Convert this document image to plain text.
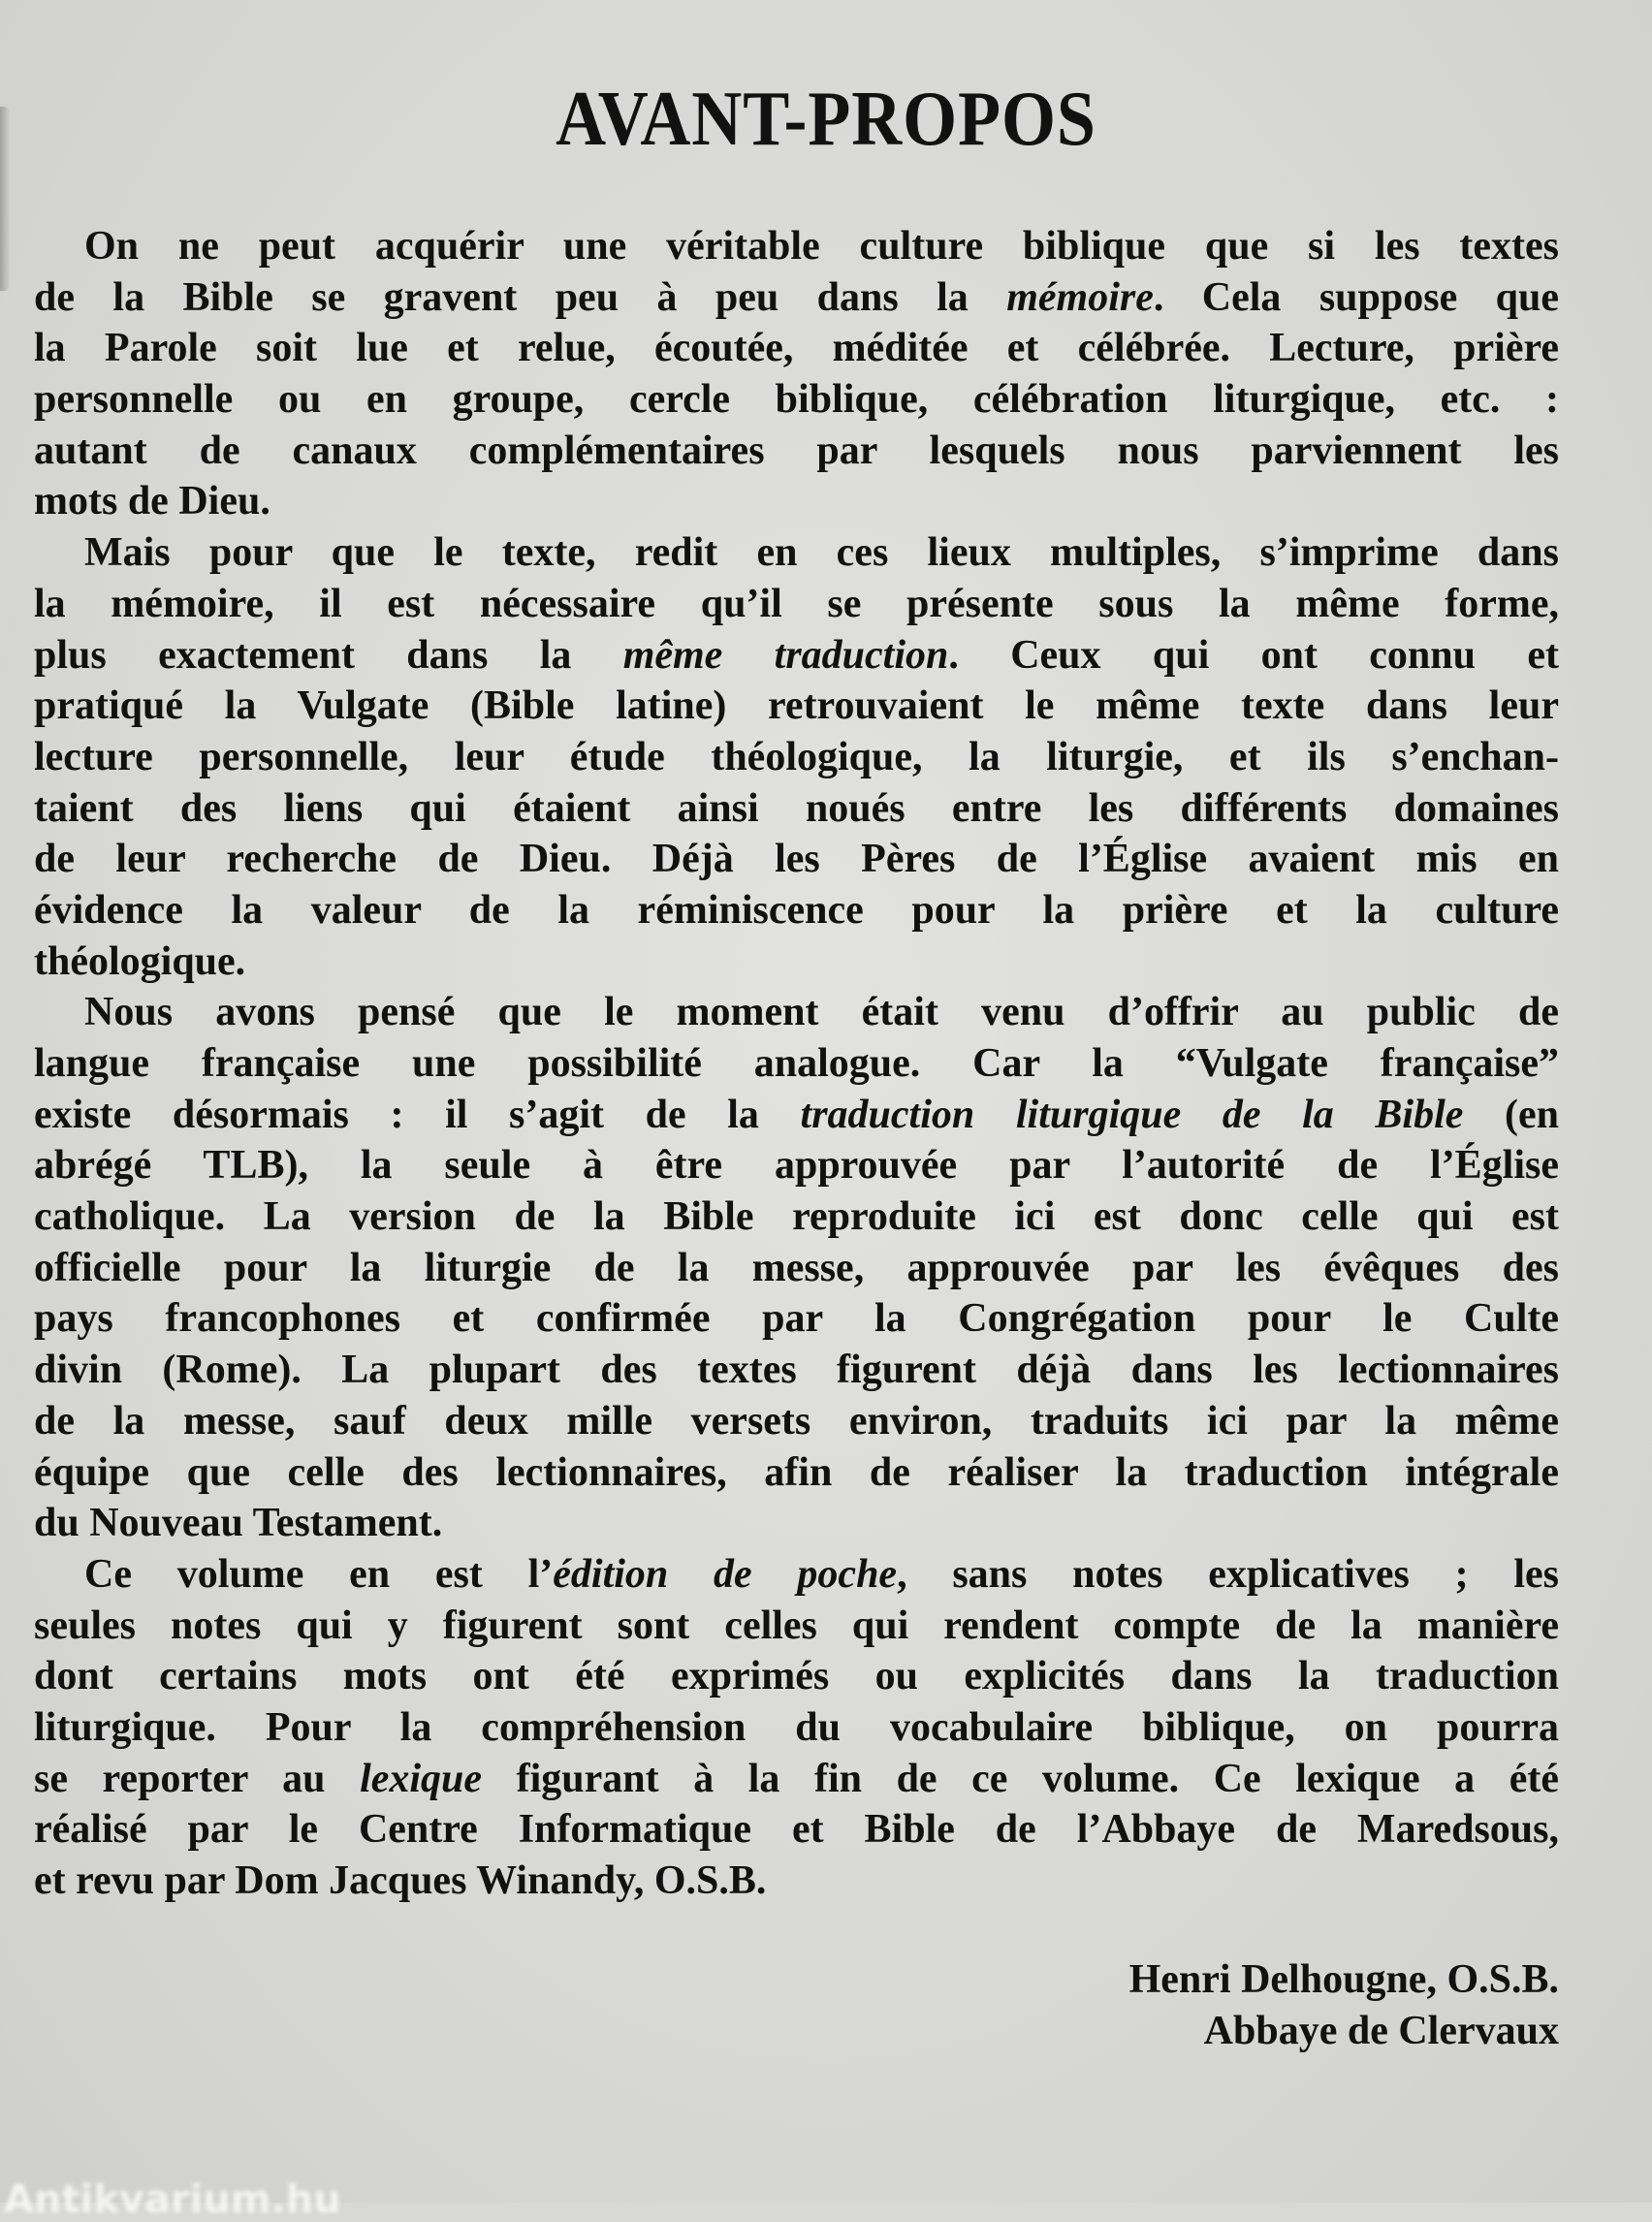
AVANT-PROPOS
On ne peut acquérir une véritable culture biblique que si les textes
de la Bible se gravent peu à peu dans la mémoire. Cela suppose que
la Parole soit lue et relue, écoutée, méditée et célébrée. Lecture, prière
personnelle ou en groupe, cercle biblique, célébration liturgique, etc. :
autant de canaux complémentaires par lesquels nous parviennent les
mots de Dieu.
Mais pour que le texte, redit en ces lieux multiples, s’imprime dans
la mémoire, il est nécessaire qu’il se présente sous la même forme,
plus exactement dans la même traduction. Ceux qui ont connu et
pratiqué la Vulgate (Bible latine) retrouvaient le même texte dans leur
lecture personnelle, leur étude théologique, la liturgie, et ils s’enchan-
taient des liens qui étaient ainsi noués entre les différents domaines
de leur recherche de Dieu. Déjà les Pères de l’Église avaient mis en
évidence la valeur de la réminiscence pour la prière et la culture
théologique.
Nous avons pensé que le moment était venu d’offrir au public de
langue française une possibilité analogue. Car la “Vulgate française”
existe désormais : il s’agit de la traduction liturgique de la Bible (en
abrégé TLB), la seule à être approuvée par l’autorité de l’Église
catholique. La version de la Bible reproduite ici est donc celle qui est
officielle pour la liturgie de la messe, approuvée par les évêques des
pays francophones et confirmée par la Congrégation pour le Culte
divin (Rome). La plupart des textes figurent déjà dans les lectionnaires
de la messe, sauf deux mille versets environ, traduits ici par la même
équipe que celle des lectionnaires, afin de réaliser la traduction intégrale
du Nouveau Testament.
Ce volume en est l’édition de poche, sans notes explicatives ; les
seules notes qui y figurent sont celles qui rendent compte de la manière
dont certains mots ont été exprimés ou explicités dans la traduction
liturgique. Pour la compréhension du vocabulaire biblique, on pourra
se reporter au lexique figurant à la fin de ce volume. Ce lexique a été
réalisé par le Centre Informatique et Bible de l’Abbaye de Maredsous,
et revu par Dom Jacques Winandy, O.S.B.
Henri Delhougne, O.S.B.
Abbaye de Clervaux
Antikvarium.hu
